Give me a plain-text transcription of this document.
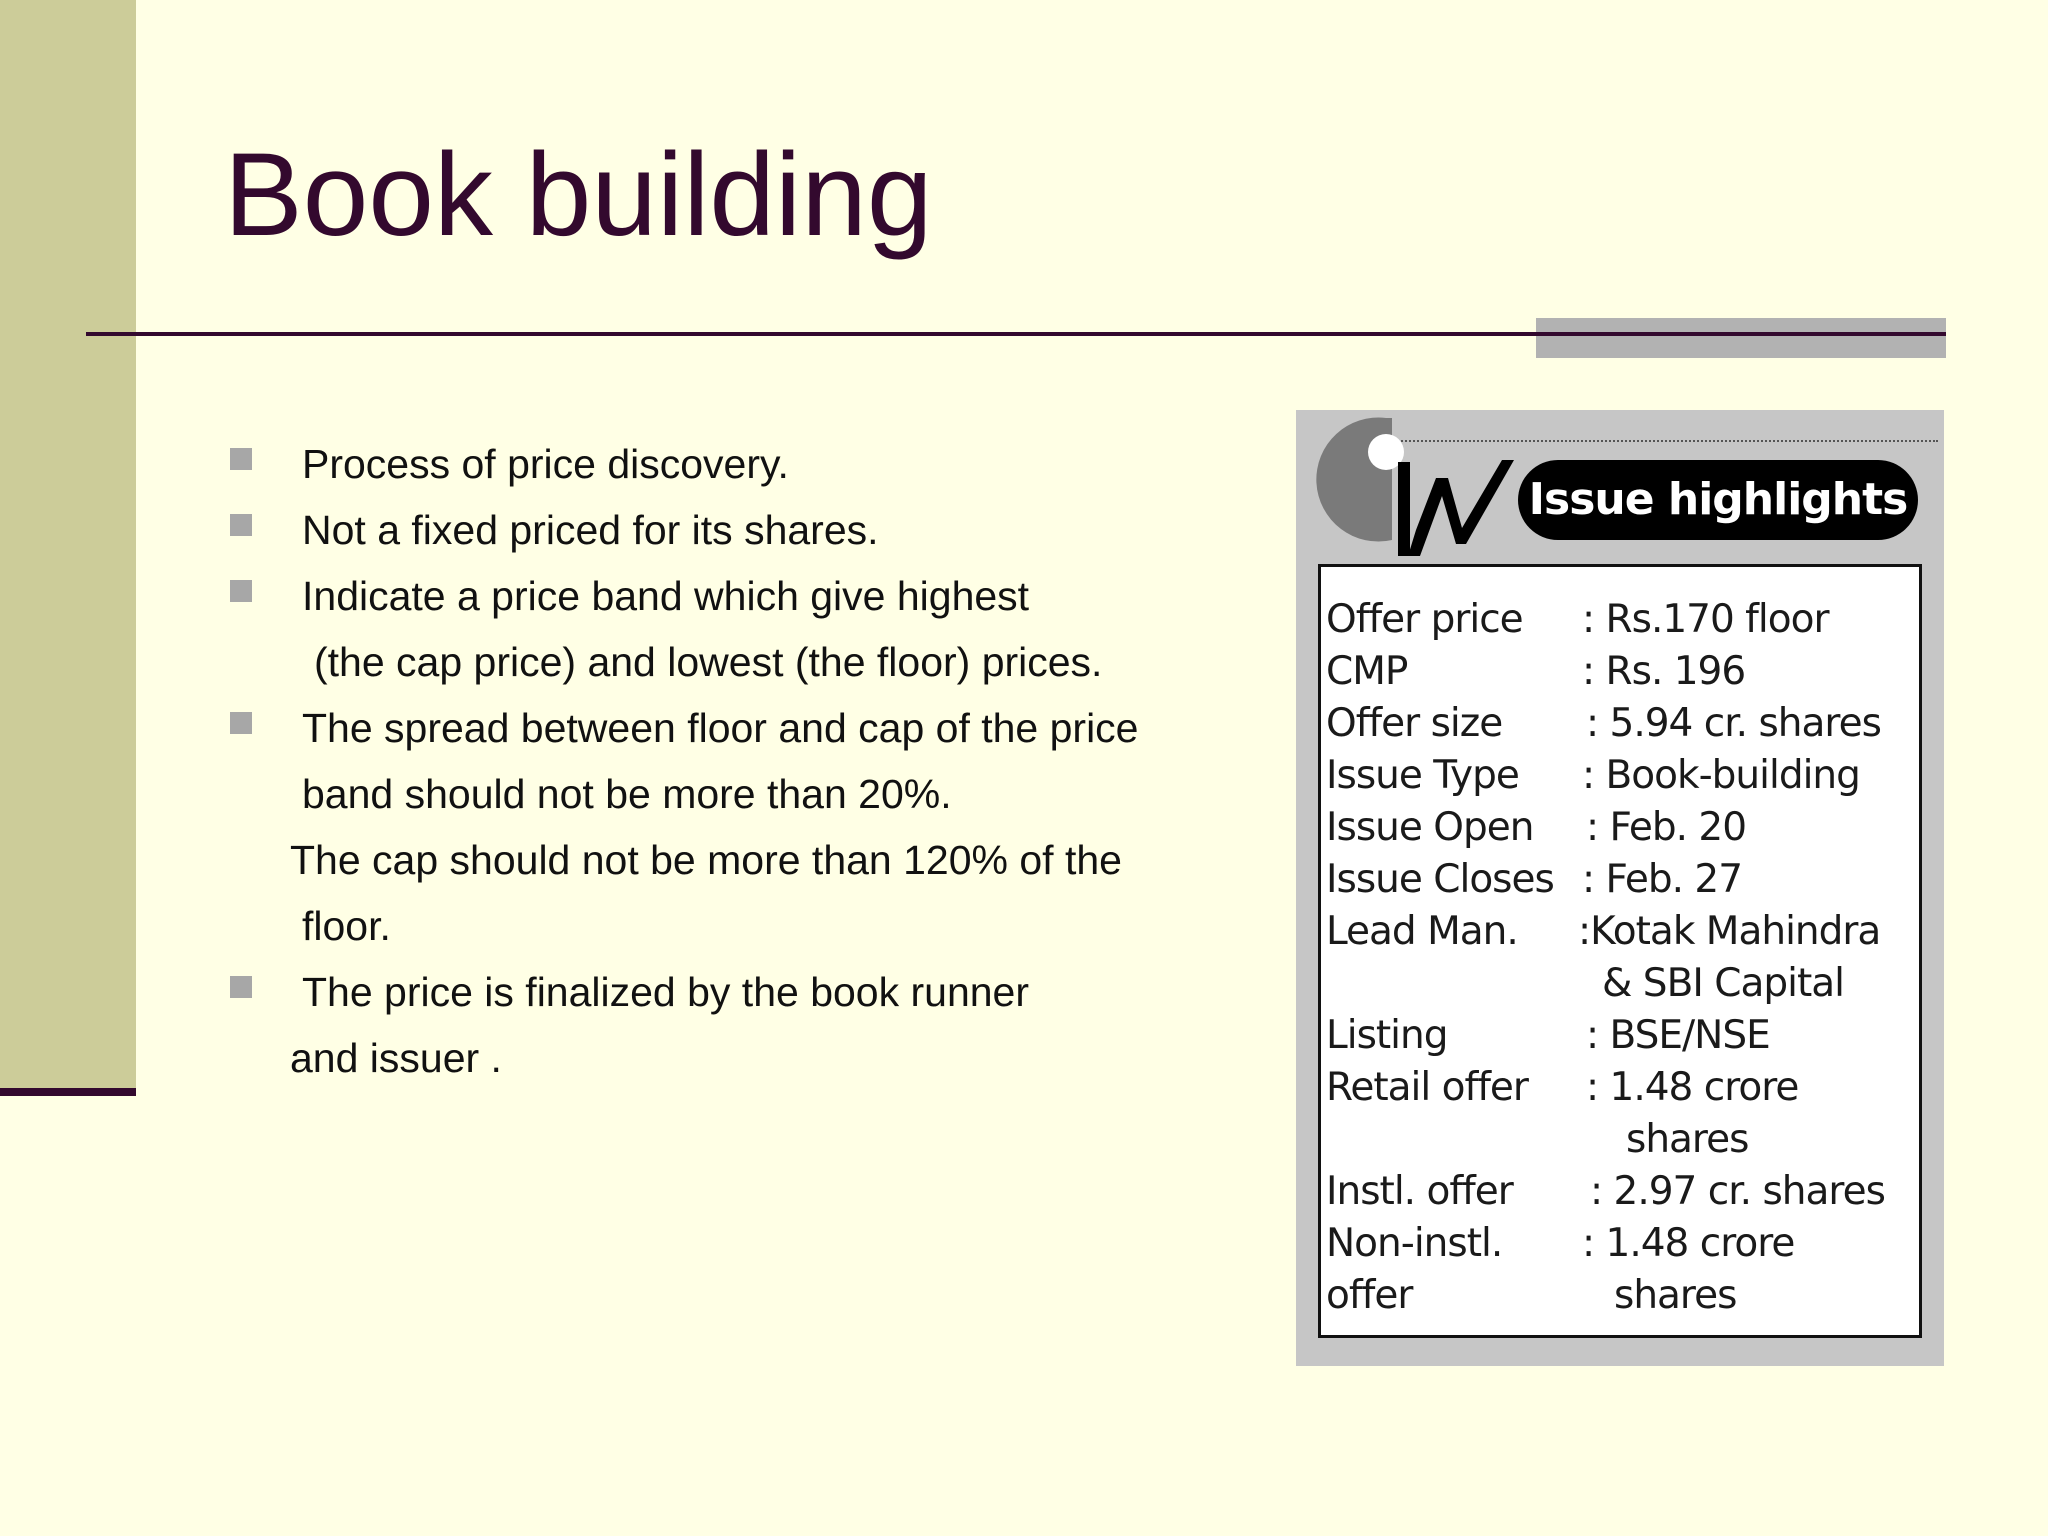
Book building
Process of price discovery.
Not a fixed priced for its shares.
Indicate a price band which give highest
(the cap price) and lowest (the floor) prices.
The spread between floor and cap of the price
band should not be more than 20%.
The cap should not be more than 120% of the
floor.
The price is finalized by the book runner
and issuer .
Issue highlights
Offer price : Rs.170 floor
CMP	: Rs. 196
Offer size : 5.94 cr. shares
Issue Type : Book-building
Issue Open : Feb. 20
Issue Closes : Feb. 27
Lead Man. :Kotak Mahindra
& SBI Capital
Listing	: BSE/NSE
Retail offer : 1.48 crore
shares
Instl. offer : 2.97 cr. shares
Non-instl.
offer
: 1.48 crore
shares
